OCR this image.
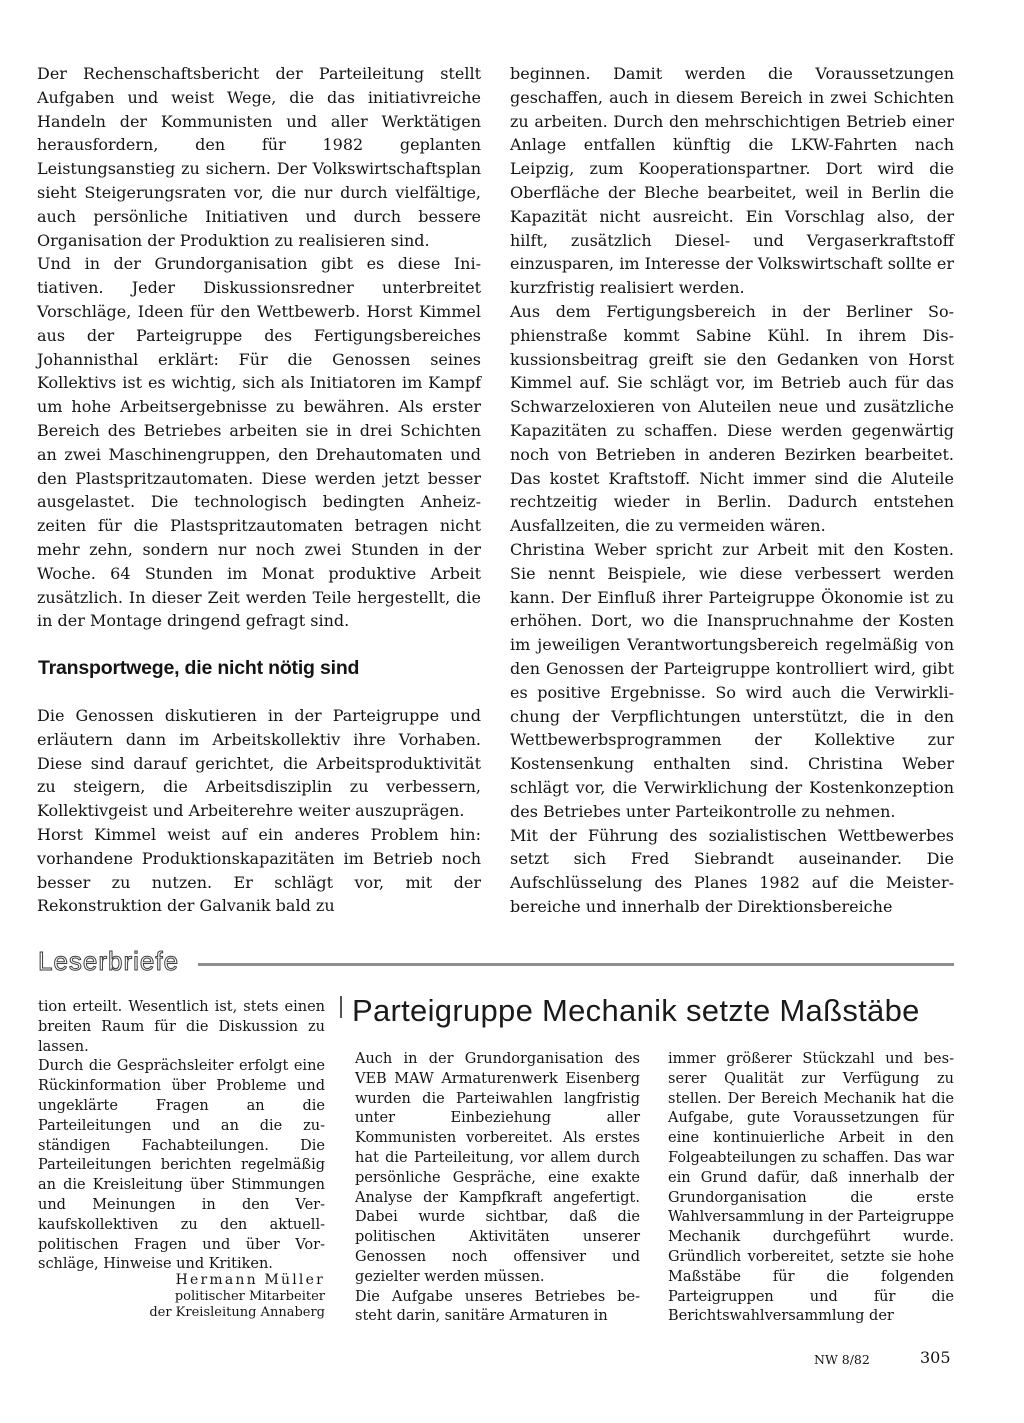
Der Rechenschaftsbericht der Parteileitung stellt Aufgaben und weist Wege, die das initiativreiche Handeln der Kommunisten und aller Werktätigen herausfordern, den für 1982 geplanten Leistungsanstieg zu sichern. Der Volkswirtschaftsplan sieht Steigerungsraten vor, die nur durch vielfältige, auch persönliche Initiativen und durch bessere Organisation der Produktion zu realisieren sind.

Und in der Grundorganisation gibt es diese Initiativen. Jeder Diskussionsredner unterbreitet Vorschläge, Ideen für den Wettbewerb. Horst Kimmel aus der Parteigruppe des Fertigungsbereiches Johannisthal erklärt: Für die Genossen seines Kollektivs ist es wichtig, sich als Initiatoren im Kampf um hohe Arbeitsergebnisse zu bewähren. Als erster Bereich des Betriebes arbeiten sie in drei Schichten an zwei Maschinengruppen, den Drehautomaten und den Plastspritzautomaten. Diese werden jetzt besser ausgelastet. Die technologisch bedingten Anheizzeiten für die Plastspritzautomaten betragen nicht mehr zehn, sondern nur noch zwei Stunden in der Woche. 64 Stunden im Monat produktive Arbeit zusätzlich. In dieser Zeit werden Teile hergestellt, die in der Montage dringend gefragt sind.

Transportwege, die nicht nötig sind

Die Genossen diskutieren in der Parteigruppe und erläutern dann im Arbeitskollektiv ihre Vorhaben. Diese sind darauf gerichtet, die Arbeitsproduktivität zu steigern, die Arbeitsdisziplin zu verbessern, Kollektivgeist und Arbeiterehre weiter auszuprägen.

Horst Kimmel weist auf ein anderes Problem hin: vorhandene Produktionskapazitäten im Betrieb noch besser zu nutzen. Er schlägt vor, mit der Rekonstruktion der Galvanik bald zu

beginnen. Damit werden die Voraussetzungen geschaffen, auch in diesem Bereich in zwei Schichten zu arbeiten. Durch den mehrschichtigen Betrieb einer Anlage entfallen künftig die LKW-Fahrten nach Leipzig, zum Kooperationspartner. Dort wird die Oberfläche der Bleche bearbeitet, weil in Berlin die Kapazität nicht ausreicht. Ein Vorschlag also, der hilft, zusätzlich Diesel- und Vergaserkraftstoff einzusparen, im Interesse der Volkswirtschaft sollte er kurzfristig realisiert werden.

Aus dem Fertigungsbereich in der Berliner Sophienstraße kommt Sabine Kühl. In ihrem Diskussionsbeitrag greift sie den Gedanken von Horst Kimmel auf. Sie schlägt vor, im Betrieb auch für das Schwarzeloxieren von Aluteilen neue und zusätzliche Kapazitäten zu schaffen. Diese werden gegenwärtig noch von Betrieben in anderen Bezirken bearbeitet. Das kostet Kraftstoff. Nicht immer sind die Aluteile rechtzeitig wieder in Berlin. Dadurch entstehen Ausfallzeiten, die zu vermeiden wären.

Christina Weber spricht zur Arbeit mit den Kosten. Sie nennt Beispiele, wie diese verbessert werden kann. Der Einfluß ihrer Parteigruppe Ökonomie ist zu erhöhen. Dort, wo die Inanspruchnahme der Kosten im jeweiligen Verantwortungsbereich regelmäßig von den Genossen der Parteigruppe kontrolliert wird, gibt es positive Ergebnisse. So wird auch die Verwirklichung der Verpflichtungen unterstützt, die in den Wettbewerbsprogrammen der Kollektive zur Kostensenkung enthalten sind. Christina Weber schlägt vor, die Verwirklichung der Kostenkonzeption des Betriebes unter Parteikontrolle zu nehmen.

Mit der Führung des sozialistischen Wettbewerbes setzt sich Fred Siebrandt auseinander. Die Aufschlüsselung des Planes 1982 auf die Meisterbereiche und innerhalb der Direktionsbereiche

Leserbriefe

tion erteilt. Wesentlich ist, stets einen breiten Raum für die Diskussion zu lassen.

Durch die Gesprächsleiter erfolgt eine Rückinformation über Probleme und ungeklärte Fragen an die Parteileitungen und an die zuständigen Fachabteilungen. Die Parteileitungen berichten regelmäßig an die Kreisleitung über Stimmungen und Meinungen in den Verkaufskollektiven zu den aktuellpolitischen Fragen und über Vorschläge, Hinweise und Kritiken.

Hermann Müller
politischer Mitarbeiter
der Kreisleitung Annaberg
Parteigruppe Mechanik setzte Maßstäbe

Auch in der Grundorganisation des VEB MAW Armaturenwerk Eisenberg wurden die Parteiwahlen langfristig unter Einbeziehung aller Kommunisten vorbereitet. Als erstes hat die Parteileitung, vor allem durch persönliche Gespräche, eine exakte Analyse der Kampfkraft angefertigt. Dabei wurde sichtbar, daß die politischen Aktivitäten unserer Genossen noch offensiver und gezielter werden müssen.

Die Aufgabe unseres Betriebes besteht darin, sanitäre Armaturen in

immer größerer Stückzahl und besserer Qualität zur Verfügung zu stellen. Der Bereich Mechanik hat die Aufgabe, gute Voraussetzungen für eine kontinuierliche Arbeit in den Folgeabteilungen zu schaffen. Das war ein Grund dafür, daß innerhalb der Grundorganisation die erste Wahlversammlung in der Parteigruppe Mechanik durchgeführt wurde. Gründlich vorbereitet, setzte sie hohe Maßstäbe für die folgenden Parteigruppen und für die Berichtswahlversammlung der

NW 8/82	305
